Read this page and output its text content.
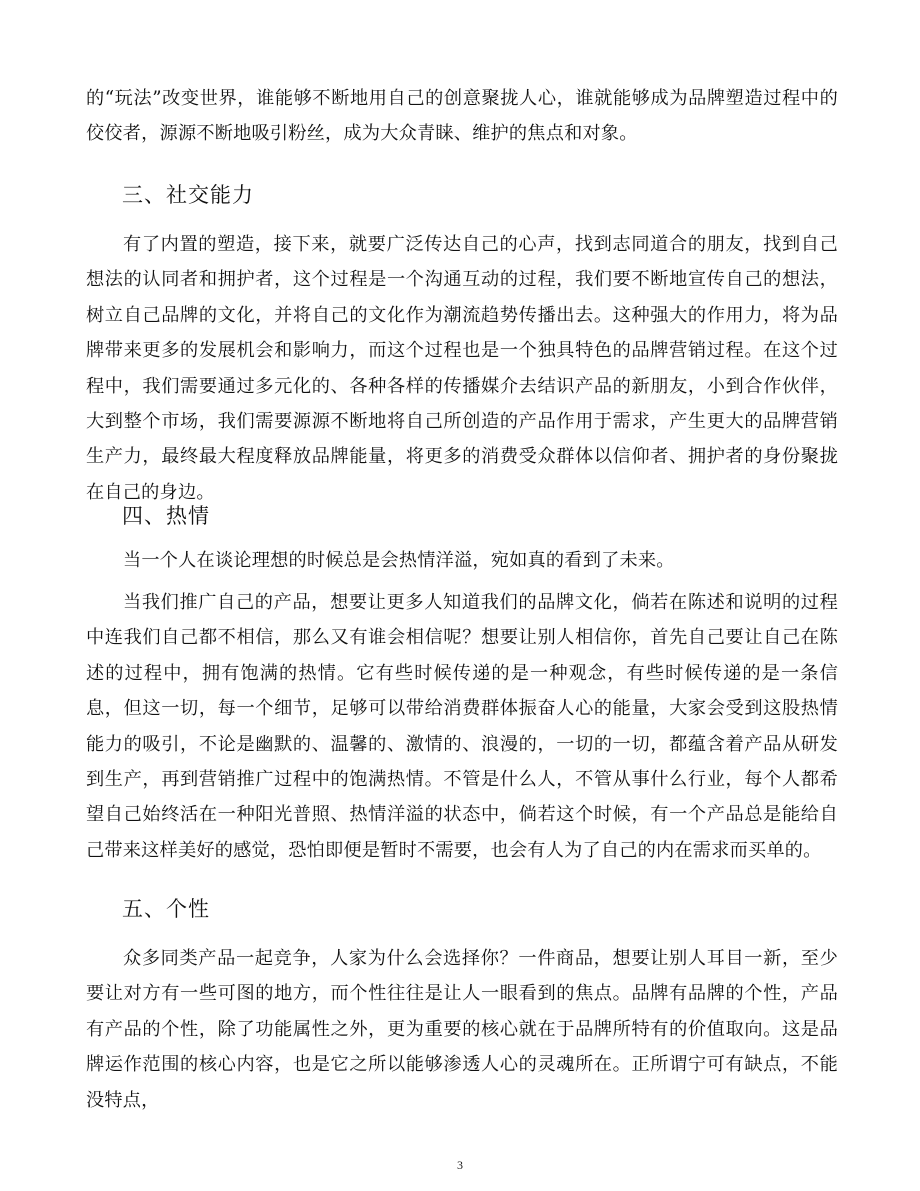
的“玩法”改变世界，谁能够不断地用自己的创意聚拢人心，谁就能够成为品牌塑造过程中的佼佼者，源源不断地吸引粉丝，成为大众青睐、维护的焦点和对象。

三、社交能力

有了内置的塑造，接下来，就要广泛传达自己的心声，找到志同道合的朋友，找到自己想法的认同者和拥护者，这个过程是一个沟通互动的过程，我们要不断地宣传自己的想法，树立自己品牌的文化，并将自己的文化作为潮流趋势传播出去。这种强大的作用力，将为品牌带来更多的发展机会和影响力，而这个过程也是一个独具特色的品牌营销过程。在这个过程中，我们需要通过多元化的、各种各样的传播媒介去结识产品的新朋友，小到合作伙伴，大到整个市场，我们需要源源不断地将自己所创造的产品作用于需求，产生更大的品牌营销生产力，最终最大程度释放品牌能量，将更多的消费受众群体以信仰者、拥护者的身份聚拢在自己的身边。

四、热情

当一个人在谈论理想的时候总是会热情洋溢，宛如真的看到了未来。

当我们推广自己的产品，想要让更多人知道我们的品牌文化，倘若在陈述和说明的过程中连我们自己都不相信，那么又有谁会相信呢？想要让别人相信你，首先自己要让自己在陈述的过程中，拥有饱满的热情。它有些时候传递的是一种观念，有些时候传递的是一条信息，但这一切，每一个细节，足够可以带给消费群体振奋人心的能量，大家会受到这股热情能力的吸引，不论是幽默的、温馨的、激情的、浪漫的，一切的一切，都蕴含着产品从研发到生产，再到营销推广过程中的饱满热情。不管是什么人，不管从事什么行业，每个人都希望自己始终活在一种阳光普照、热情洋溢的状态中，倘若这个时候，有一个产品总是能给自己带来这样美好的感觉，恐怕即便是暂时不需要，也会有人为了自己的内在需求而买单的。

五、个性

众多同类产品一起竞争，人家为什么会选择你？一件商品，想要让别人耳目一新，至少要让对方有一些可图的地方，而个性往往是让人一眼看到的焦点。品牌有品牌的个性，产品有产品的个性，除了功能属性之外，更为重要的核心就在于品牌所特有的价值取向。这是品牌运作范围的核心内容，也是它之所以能够渗透人心的灵魂所在。正所谓宁可有缺点，不能没特点，

3
